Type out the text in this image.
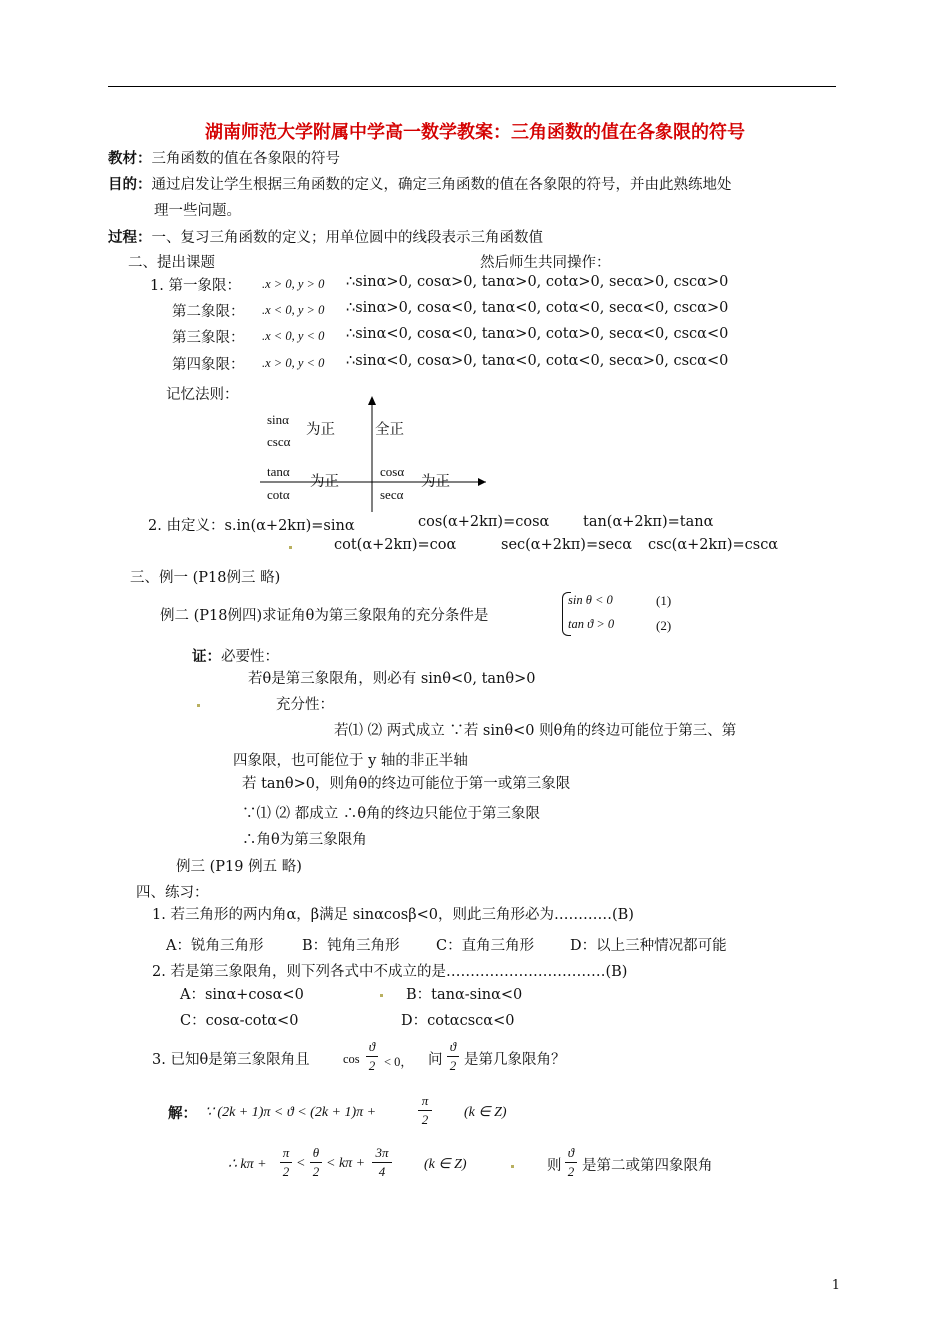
湖南师范大学附属中学高一数学教案：三角函数的值在各象限的符号
教材：三角函数的值在各象限的符号
目的：通过启发让学生根据三角函数的定义，确定三角函数的值在各象限的符号，并由此熟练地处
理一些问题。
过程：一、复习三角函数的定义；用单位圆中的线段表示三角函数值
二、提出课题	然后师生共同操作：
1. 第一象限： .x > 0, y > 0 ∴sinα>0, cosα>0, tanα>0, cotα>0, secα>0, cscα>0
第二象限： .x < 0, y > 0 ∴sinα>0, cosα<0, tanα<0, cotα<0, secα<0, cscα>0
第三象限： .x < 0, y < 0 ∴sinα<0, cosα<0, tanα>0, cotα>0, secα<0, cscα<0
第四象限： .x > 0, y < 0 ∴sinα<0, cosα>0, tanα<0, cotα<0, secα>0, cscα<0
记忆法则：
sinα
cscα
为正	全正
tanα
cotα
为正
cosα
secα
为正
2. 由定义：s.in(α+2kπ)=sinα	cos(α+2kπ)=cosα tan(α+2kπ)=tanα
cot(α+2kπ)=coα	sec(α+2kπ)=secα csc(α+2kπ)=cscα
三、例一 (P18例三 略)
例二 (P18例四)求证角θ为第三象限角的充分条件是
sin θ < 0
tan ϑ > 0
(1)
(2)
证：必要性：
若θ是第三象限角，则必有 sinθ<0, tanθ>0
充分性：
若⑴ ⑵ 两式成立 ∵若 sinθ<0 则θ角的终边可能位于第三、第
四象限，也可能位于 y 轴的非正半轴
若 tanθ>0，则角θ的终边可能位于第一或第三象限
∵⑴ ⑵ 都成立 ∴θ角的终边只能位于第三象限
∴角θ为第三象限角
例三 (P19 例五 略)
四、练习：
1. 若三角形的两内角α，β满足 sinαcosβ<0，则此三角形必为…………(B)
A：锐角三角形	B：钝角三角形	C：直角三角形 D：以上三种情况都可能
2. 若是第三象限角，则下列各式中不成立的是……………………………(B)
A：sinα+cosα<0	B：tanα-sinα<0
C：cosα-cotα<0	D：cotαcscα<0
3. 已知θ是第三象限角且	cos
ϑ
2 < 0， 问
ϑ
2 是第几象限角？
解： ∵ (2k + 1)π < ϑ < (2k + 1)π +
π
2	(k ∈ Z)
∴ kπ +
π
2
<
θ
2
< kπ +
3π
4	(k ∈ Z)	则
ϑ
2 是第二或第四象限角
1
